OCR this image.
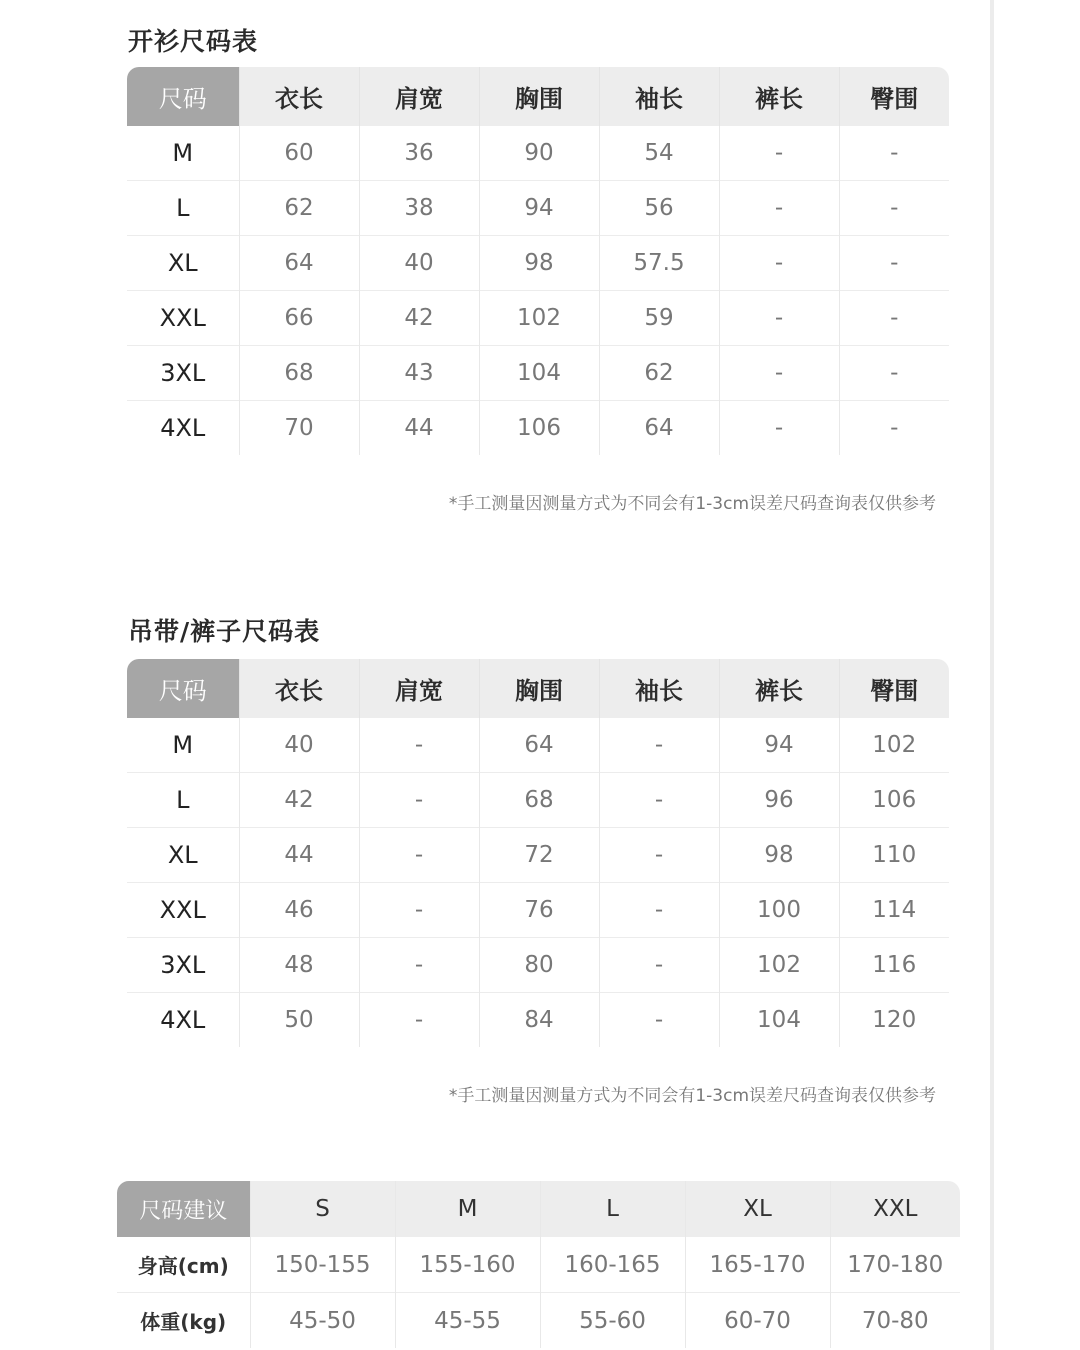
开衫尺码表
尺码	衣长	肩宽	胸围	袖长	裤长	臀围
M	60	36	90	54	-	-
L	62	38	94	56	-	-
XL	64	40	98	57.5	-	-
XXL	66	42	102	59	-	-
3XL	68	43	104	62	-	-
4XL	70	44	106	64	-	-

*手工测量因测量方式为不同会有1-3cm误差尺码查询表仅供参考

吊带/裤子尺码表
尺码	衣长	肩宽	胸围	袖长	裤长	臀围
M	40	-	64	-	94	102
L	42	-	68	-	96	106
XL	44	-	72	-	98	110
XXL	46	-	76	-	100	114
3XL	48	-	80	-	102	116
4XL	50	-	84	-	104	120

*手工测量因测量方式为不同会有1-3cm误差尺码查询表仅供参考

尺码建议	S	M	L	XL	XXL
身高(cm)	150-155	155-160	160-165	165-170	170-180
体重(kg)	45-50	45-55	55-60	60-70	70-80
